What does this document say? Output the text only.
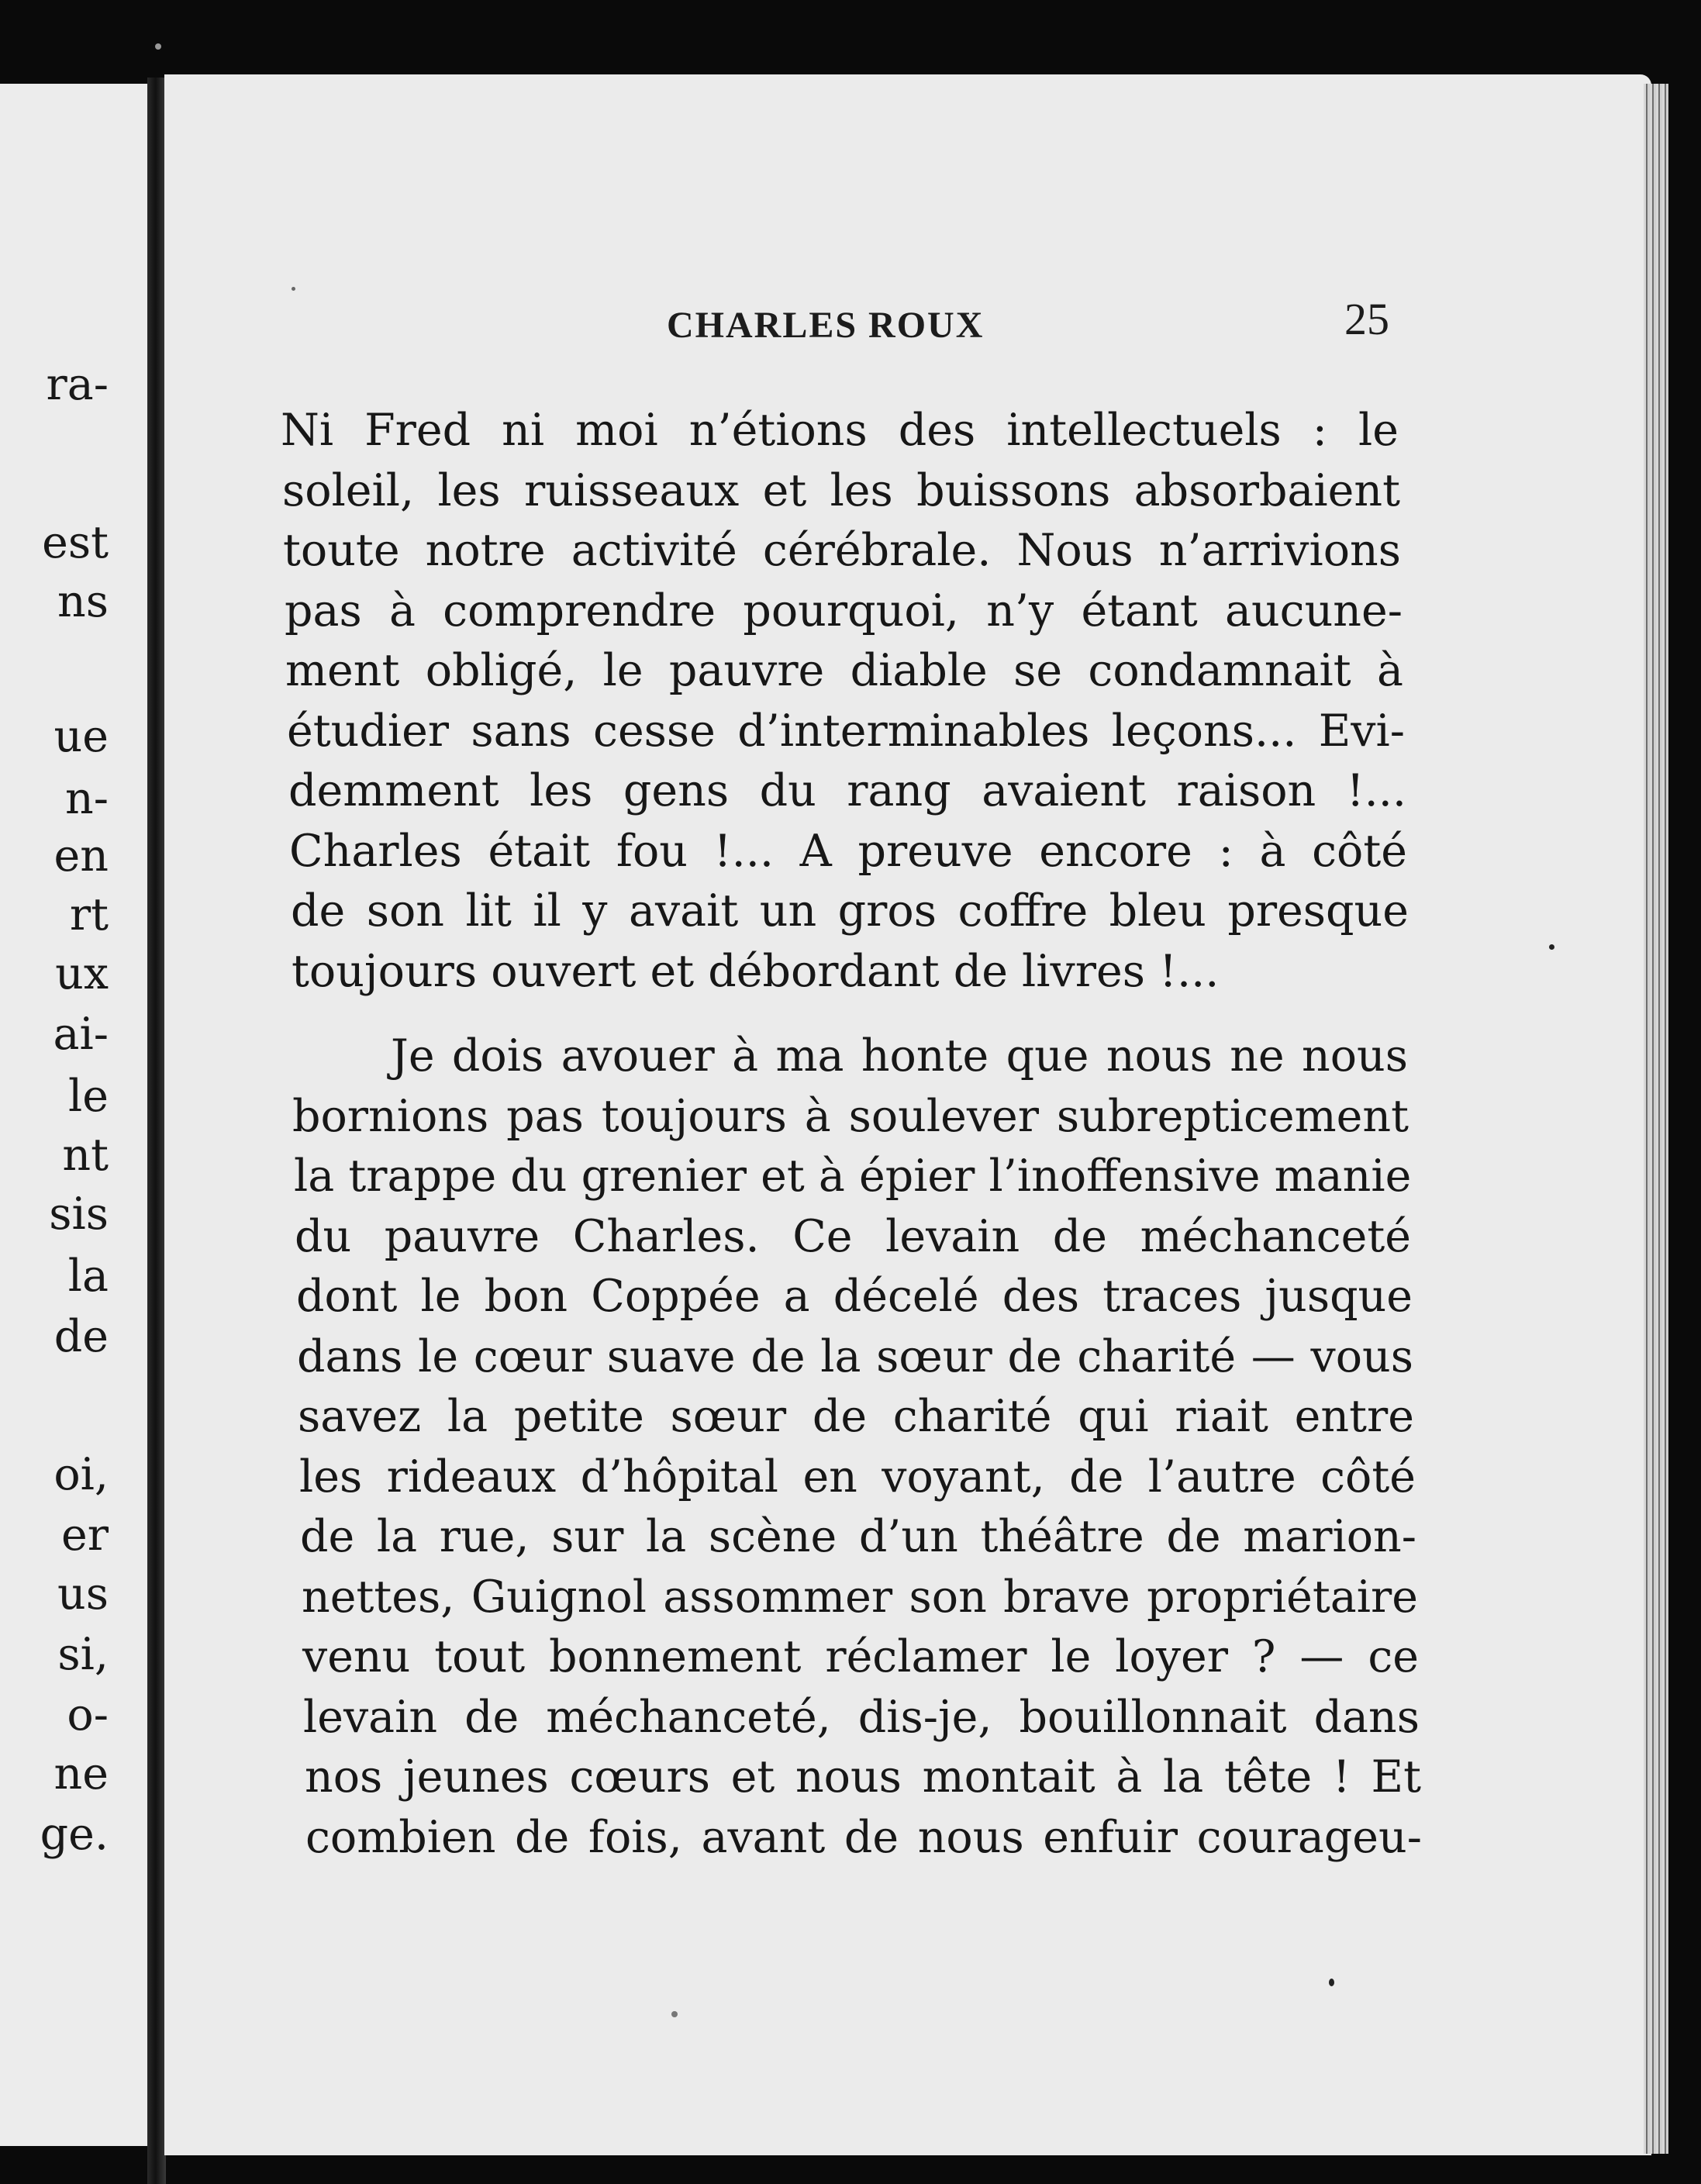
ra-
est
ns
ue
n-
en
rt
ux
ai-
le
nt
sis
la
de
oi,
er
us
si,
o-
ne
ge.
CHARLES ROUX	25
Ni Fred ni moi n’étions des intellectuels : le
soleil, les ruisseaux et les buissons absorbaient
toute notre activité cérébrale. Nous n’arrivions
pas à comprendre pourquoi, n’y étant aucune-
ment obligé, le pauvre diable se condamnait à
étudier sans cesse d’interminables leçons... Evi-
demment les gens du rang avaient raison !...
Charles était fou !... A preuve encore : à côté
de son lit il y avait un gros coffre bleu presque
toujours ouvert et débordant de livres !...
Je dois avouer à ma honte que nous ne nous
bornions pas toujours à soulever subrepticement
la trappe du grenier et à épier l’inoffensive manie
du pauvre Charles. Ce levain de méchanceté
dont le bon Coppée a décelé des traces jusque
dans le cœur suave de la sœur de charité — vous
savez la petite sœur de charité qui riait entre
les rideaux d’hôpital en voyant, de l’autre côté
de la rue, sur la scène d’un théâtre de marion-
nettes, Guignol assommer son brave propriétaire
venu tout bonnement réclamer le loyer ? — ce
levain de méchanceté, dis-je, bouillonnait dans
nos jeunes cœurs et nous montait à la tête ! Et
combien de fois, avant de nous enfuir courageu-
